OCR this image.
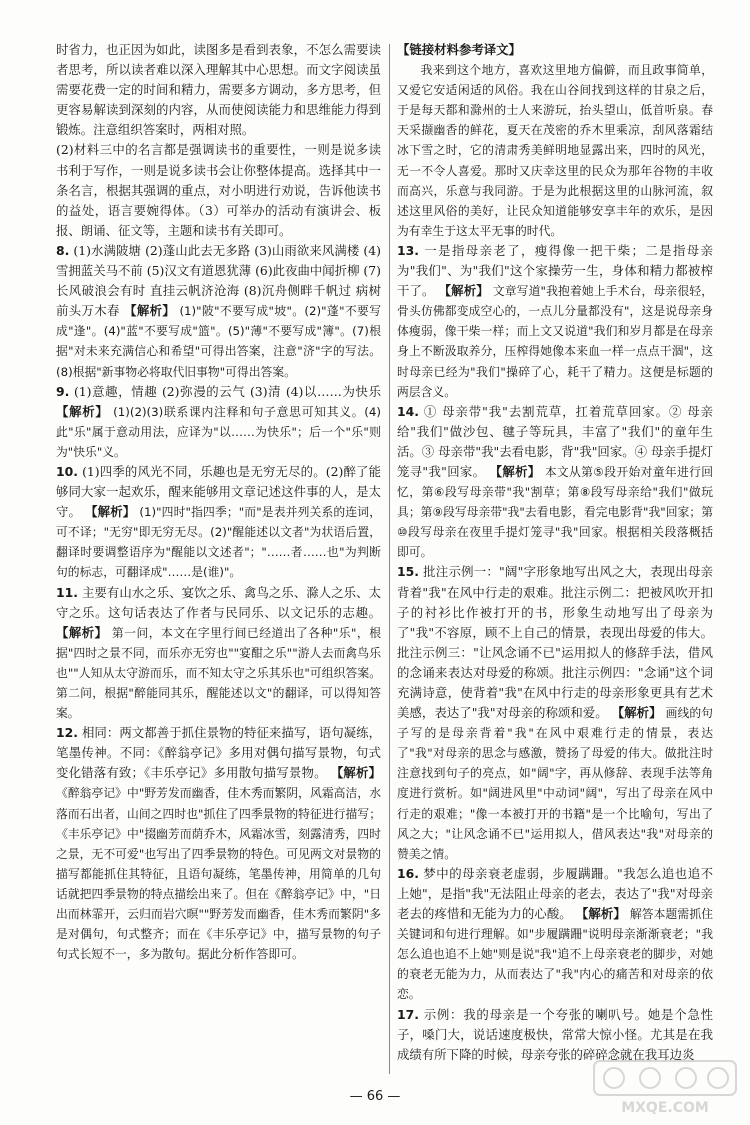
时省力，也正因为如此，读图多是看到表象，不怎么需要读者思考，所以读者难以深入理解其中心思想。而文字阅读虽需要花费一定的时间和精力，需要多方调动，多方思考，但更容易解读到深刻的内容，从而使阅读能力和思维能力得到锻炼。注意组织答案时，两相对照。

(2)材料三中的名言都是强调读书的重要性，一则是说多读书利于写作，一则是说多读书会让你整体提高。选择其中一条名言，根据其强调的重点，对小明进行劝说，告诉他读书的益处，语言要婉得体。（3）可举办的活动有演讲会、板报、朗诵、征文等，主题和读书有关即可。

8. (1)水满陂塘 (2)蓬山此去无多路 (3)山雨欲来风满楼 (4)雪拥蓝关马不前 (5)汉文有道恩犹薄 (6)此夜曲中闻折柳 (7)长风破浪会有时 直挂云帆济沧海 (8)沉舟侧畔千帆过 病树前头万木春 【解析】 (1)"陂"不要写成"坡"。(2)"蓬"不要写成"逢"。(4)"蓝"不要写成"篮"。(5)"薄"不要写成"簿"。(7)根据"对未来充满信心和希望"可得出答案，注意"济"字的写法。(8)根据"新事物必将取代旧事物"可得出答案。

9. (1)意趣，情趣 (2)弥漫的云气 (3)清 (4)以……为快乐 【解析】 (1)(2)(3)联系课内注释和句子意思可知其义。(4)此"乐"属于意动用法，应译为"以……为快乐"；后一个"乐"则为"快乐"义。

10. (1)四季的风光不同，乐趣也是无穷无尽的。(2)醉了能够同大家一起欢乐，醒来能够用文章记述这件事的人，是太守。 【解析】 (1)"四时"指四季；"而"是表并列关系的连词，可不译；"无穷"即无穷无尽。(2)"醒能述以文者"为状语后置，翻译时要调整语序为"醒能以文述者"；"……者……也"为判断句的标志，可翻译成"……是(谁)"。

11. 主要有山水之乐、宴饮之乐、禽鸟之乐、滁人之乐、太守之乐。这句话表达了作者与民同乐、以文记乐的志趣。 【解析】 第一问，本文在字里行间已经道出了各种"乐"，根据"四时之景不同，而乐亦无穷也""宴酣之乐""游人去而禽鸟乐也""人知从太守游而乐，而不知太守之乐其乐也"可组织答案。第二问，根据"醉能同其乐，醒能述以文"的翻译，可以得知答案。

12. 相同：两文都善于抓住景物的特征来描写，语句凝练，笔墨传神。不同：《醉翁亭记》多用对偶句描写景物，句式变化错落有致；《丰乐亭记》多用散句描写景物。 【解析】 《醉翁亭记》中"野芳发而幽香，佳木秀而繁阴，风霜高洁，水落而石出者，山间之四时也"抓住了四季景物的特征进行描写；《丰乐亭记》中"掇幽芳而荫乔木，风霜冰雪，刻露清秀，四时之景，无不可爱"也写出了四季景物的特色。可见两文对景物的描写都能抓住其特征，且语句凝练，笔墨传神，用简单的几句话就把四季景物的特点描绘出来了。但在《醉翁亭记》中，"日出而林霏开，云归而岩穴暝""野芳发而幽香，佳木秀而繁阴"多是对偶句，句式整齐；而在《丰乐亭记》中，描写景物的句子句式长短不一，多为散句。据此分析作答即可。

【链接材料参考译文】

我来到这个地方，喜欢这里地方偏僻，而且政事简单，又爱它安适闲适的风俗。我在山谷间找到这样的甘泉之后，于是每天都和滁州的士人来游玩，抬头望山，低首听泉。春天采撷幽香的鲜花，夏天在茂密的乔木里乘凉，刮风落霜结冰下雪之时，它的清肃秀美鲜明地显露出来，四时的风光，无一不令人喜爱。那时又庆幸这里的民众为那年谷物的丰收而高兴，乐意与我同游。于是为此根据这里的山脉河流，叙述这里风俗的美好，让民众知道能够安享丰年的欢乐，是因为有幸生于这太平无事的时代。

13. 一是指母亲老了，瘦得像一把干柴；二是指母亲为"我们"、为"我们"这个家操劳一生，身体和精力都被榨干了。 【解析】 文章写道"我抱着她上手术台，母亲很轻，骨头仿佛都变成空心的，一点儿分量都没有"，这是说母亲身体瘦弱，像干柴一样；而上文又说道"我们和岁月都是在母亲身上不断汲取养分，压榨得她像本来血一样一点点干涸"，这时母亲已经为"我们"操碎了心，耗干了精力。这便是标题的两层含义。

14. ① 母亲带"我"去割荒草，扛着荒草回家。② 母亲给"我们"做沙包、毽子等玩具，丰富了"我们"的童年生活。③ 母亲带"我"去看电影，背"我"回家。④ 母亲手提灯笼寻"我"回家。 【解析】 本文从第⑤段开始对童年进行回忆，第⑥段写母亲带"我"割草；第⑧段写母亲给"我们"做玩具；第⑨段写母亲带"我"去看电影，看完电影背"我"回家；第⑩段写母亲在夜里手提灯笼寻"我"回家。根据相关段落概括即可。

15. 批注示例一："阔"字形象地写出风之大，表现出母亲背着"我"在风中行走的艰难。批注示例二：把被风吹开扣子的衬衫比作被打开的书，形象生动地写出了母亲为了"我"不容原，顾不上自己的情景，表现出母爱的伟大。批注示例三："让风念诵不已"运用拟人的修辞手法，借风的念诵来表达对母爱的称颂。批注示例四："念诵"这个词充满诗意，使背着"我"在风中行走的母亲形象更具有艺术美感，表达了"我"对母亲的称颂和爱。 【解析】 画线的句子写的是母亲背着"我"在风中艰难行走的情景，表达了"我"对母亲的思念与感激，赞扬了母爱的伟大。做批注时注意找到句子的亮点，如"阔"字，再从修辞、表现手法等角度进行赏析。如"阔进风里"中动词"阔"，写出了母亲在风中行走的艰难；"像一本被打开的书籍"是一个比喻句，写出了风之大；"让风念诵不已"运用拟人，借风表达"我"对母亲的赞美之情。

16. 梦中的母亲衰老虚弱，步履蹒跚。"我怎么追也追不上她"，是指"我"无法阻止母亲的老去，表达了"我"对母亲老去的疼惜和无能为力的心酸。 【解析】 解答本题需抓住关键词和句进行理解。如"步履蹒跚"说明母亲渐渐衰老；"我怎么追也追不上她"则是说"我"追不上母亲衰老的脚步，对她的衰老无能为力，从而表达了"我"内心的痛苦和对母亲的依恋。

17. 示例：我的母亲是一个夸张的喇叭号。她是个急性子，嗓门大，说话速度极快，常常大惊小怪。尤其是在我成绩有所下降的时候，母亲夸张的碎碎念就在我耳边炎

— 66 —
MXQE.COM
